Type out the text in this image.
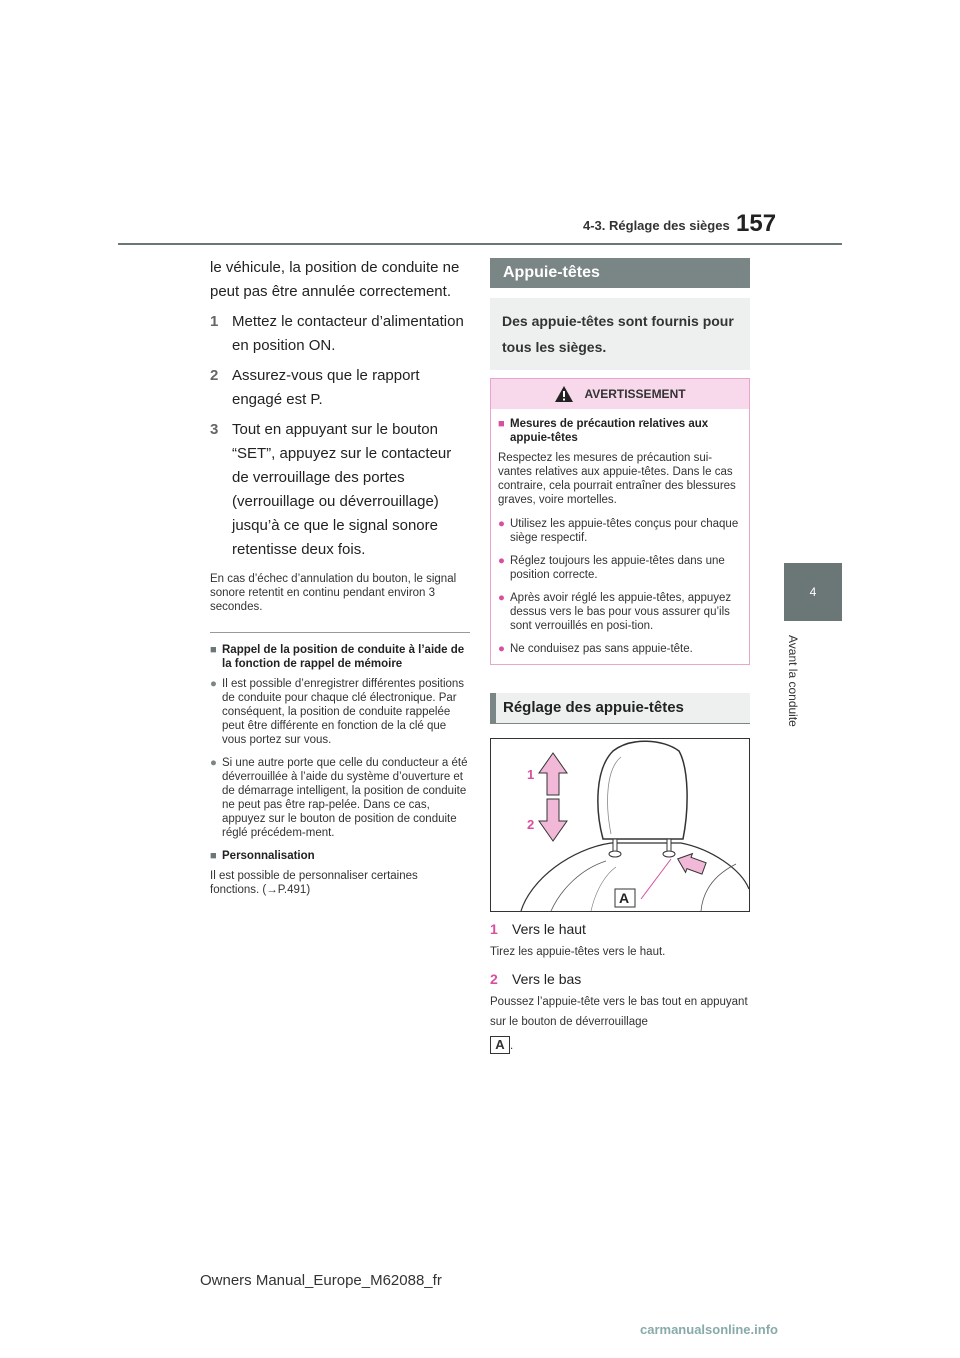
4-3. Réglage des sièges 157
4
Avant la conduite

le véhicule, la position de conduite ne peut pas être annulée correctement.

1 Mettez le contacteur d’alimentation en position ON.
2 Assurez-vous que le rapport engagé est P.
3 Tout en appuyant sur le bouton “SET”, appuyez sur le contacteur de verrouillage des portes (verrouillage ou déverrouillage) jusqu’à ce que le signal sonore retentisse deux fois.

En cas d’échec d’annulation du bouton, le signal sonore retentit en continu pendant environ 3 secondes.

■ Rappel de la position de conduite à l’aide de la fonction de rappel de mémoire
● Il est possible d’enregistrer différentes positions de conduite pour chaque clé électronique. Par conséquent, la position de conduite rappelée peut être différente en fonction de la clé que vous portez sur vous.
● Si une autre porte que celle du conducteur a été déverrouillée à l’aide du système d’ouverture et de démarrage intelligent, la position de conduite ne peut pas être rap-pelée. Dans ce cas, appuyez sur le bouton de position de conduite réglé précédem-ment.
■ Personnalisation

Il est possible de personnaliser certaines fonctions. (→P.491)

Appuie-têtes
Des appuie-têtes sont fournis pour tous les sièges.
AVERTISSEMENT
■ Mesures de précaution relatives aux appuie-têtes

Respectez les mesures de précaution sui-vantes relatives aux appuie-têtes. Dans le cas contraire, cela pourrait entraîner des blessures graves, voire mortelles.

● Utilisez les appuie-têtes conçus pour chaque siège respectif.
● Réglez toujours les appuie-têtes dans une position correcte.
● Après avoir réglé les appuie-têtes, appuyez dessus vers le bas pour vous assurer qu’ils sont verrouillés en posi-tion.
● Ne conduisez pas sans appuie-tête.
Réglage des appuie-têtes
1
2
A
1	Vers le haut

Tirez les appuie-têtes vers le haut.

2	Vers le bas

Poussez l’appuie-tête vers le bas tout en appuyant sur le bouton de déverrouillage

A .
Owners Manual_Europe_M62088_fr
carmanualsonline.info
